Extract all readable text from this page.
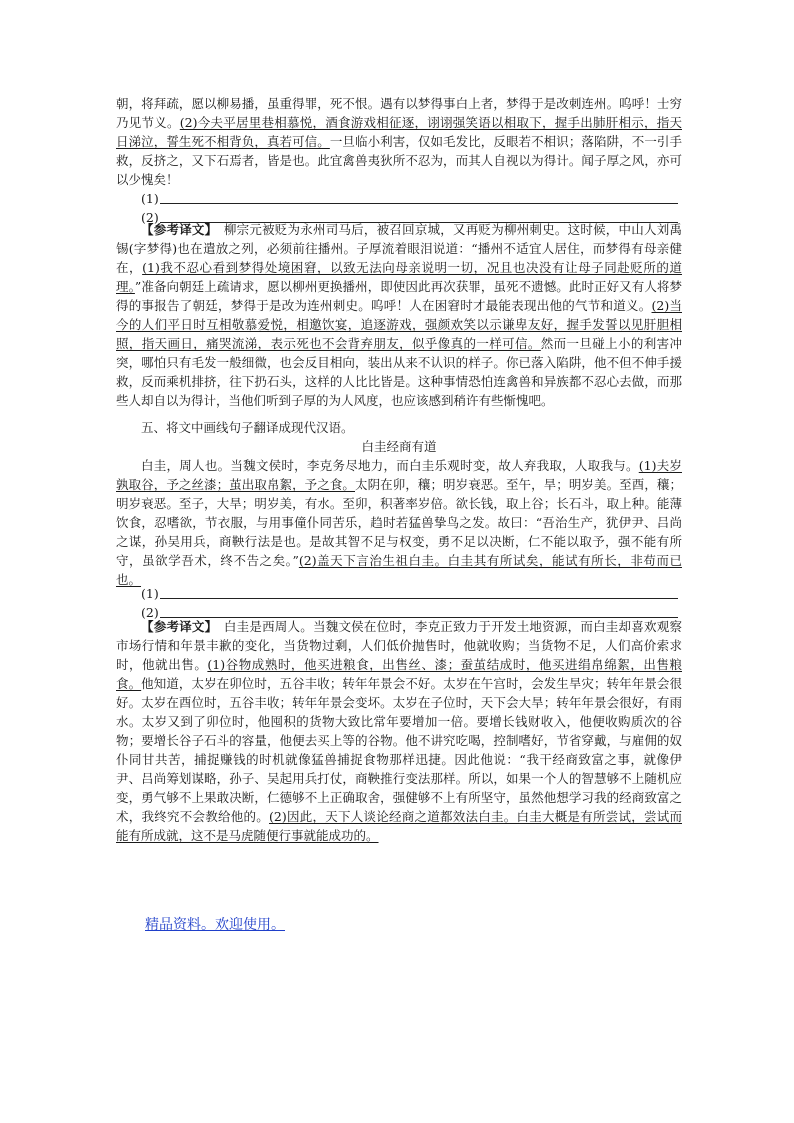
朝，将拜疏，愿以柳易播，虽重得罪，死不恨。遇有以梦得事白上者，梦得于是改刺连州。呜呼！士穷乃见节义。(2)今夫平居里巷相慕悦，酒食游戏相征逐，诩诩强笑语以相取下，握手出肺肝相示，指天日涕泣，誓生死不相背负，真若可信。一旦临小利害，仅如毛发比，反眼若不相识；落陷阱，不一引手救，反挤之，又下石焉者，皆是也。此宜禽兽夷狄所不忍为，而其人自视以为得计。闻子厚之风，亦可以少愧矣！

(1)
(2)

【参考译文】　 柳宗元被贬为永州司马后，被召回京城，又再贬为柳州刺史。这时候，中山人刘禹锡(字梦得)也在遣放之列，必须前往播州。子厚流着眼泪说道：“播州不适宜人居住，而梦得有母亲健在，(1)我不忍心看到梦得处境困窘，以致无法向母亲说明一切，况且也决没有让母子同赴贬所的道理。”准备向朝廷上疏请求，愿以柳州更换播州，即使因此再次获罪，虽死不遗憾。此时正好又有人将梦得的事报告了朝廷，梦得于是改为连州刺史。呜呼！人在困窘时才最能表现出他的气节和道义。(2)当今的人们平日时互相敬慕爱悦，相邀饮宴，追逐游戏，强颜欢笑以示谦卑友好，握手发誓以见肝胆相照，指天画日，痛哭流涕，表示死也不会背弃朋友，似乎像真的一样可信。然而一旦碰上小的利害冲突，哪怕只有毛发一般细微，也会反目相向，装出从来不认识的样子。你已落入陷阱，他不但不伸手援救，反而乘机排挤，往下扔石头，这样的人比比皆是。这种事情恐怕连禽兽和异族都不忍心去做，而那些人却自以为得计，当他们听到子厚的为人风度，也应该感到稍许有些惭愧吧。

五、将文中画线句子翻译成现代汉语。

白圭经商有道

白圭，周人也。当魏文侯时，李克务尽地力，而白圭乐观时变，故人弃我取，人取我与。(1)夫岁孰取谷，予之丝漆；茧出取帛絮，予之食。太阴在卯，穰；明岁衰恶。至午，旱；明岁美。至酉，穰；明岁衰恶。至子，大旱；明岁美，有水。至卯，积著率岁倍。欲长钱，取上谷；长石斗，取上种。能薄饮食，忍嗜欲，节衣服，与用事僮仆同苦乐，趋时若猛兽挚鸟之发。故曰：“吾治生产，犹伊尹、吕尚之谋，孙吴用兵，商鞅行法是也。是故其智不足与权变，勇不足以决断，仁不能以取予，强不能有所守，虽欲学吾术，终不告之矣。”(2)盖天下言治生祖白圭。白圭其有所试矣，能试有所长，非苟而已也。

(1)
(2)

【参考译文】　 白圭是西周人。当魏文侯在位时，李克正致力于开发土地资源，而白圭却喜欢观察市场行情和年景丰歉的变化，当货物过剩，人们低价抛售时，他就收购；当货物不足，人们高价索求时，他就出售。(1)谷物成熟时，他买进粮食，出售丝、漆；蚕茧结成时，他买进绢帛绵絮，出售粮食。他知道，太岁在卯位时，五谷丰收；转年年景会不好。太岁在午宫时，会发生旱灾；转年年景会很好。太岁在酉位时，五谷丰收；转年年景会变坏。太岁在子位时，天下会大旱；转年年景会很好，有雨水。太岁又到了卯位时，他囤积的货物大致比常年要增加一倍。要增长钱财收入，他便收购质次的谷物；要增长谷子石斗的容量，他便去买上等的谷物。他不讲究吃喝，控制嗜好，节省穿戴，与雇佣的奴仆同甘共苦，捕捉赚钱的时机就像猛兽捕捉食物那样迅捷。因此他说：“我干经商致富之事，就像伊尹、吕尚筹划谋略，孙子、吴起用兵打仗，商鞅推行变法那样。所以，如果一个人的智慧够不上随机应变，勇气够不上果敢决断，仁德够不上正确取舍，强健够不上有所坚守，虽然他想学习我的经商致富之术，我终究不会教给他的。(2)因此，天下人谈论经商之道都效法白圭。白圭大概是有所尝试，尝试而能有所成就，这不是马虎随便行事就能成功的。

精品资料。欢迎使用。
